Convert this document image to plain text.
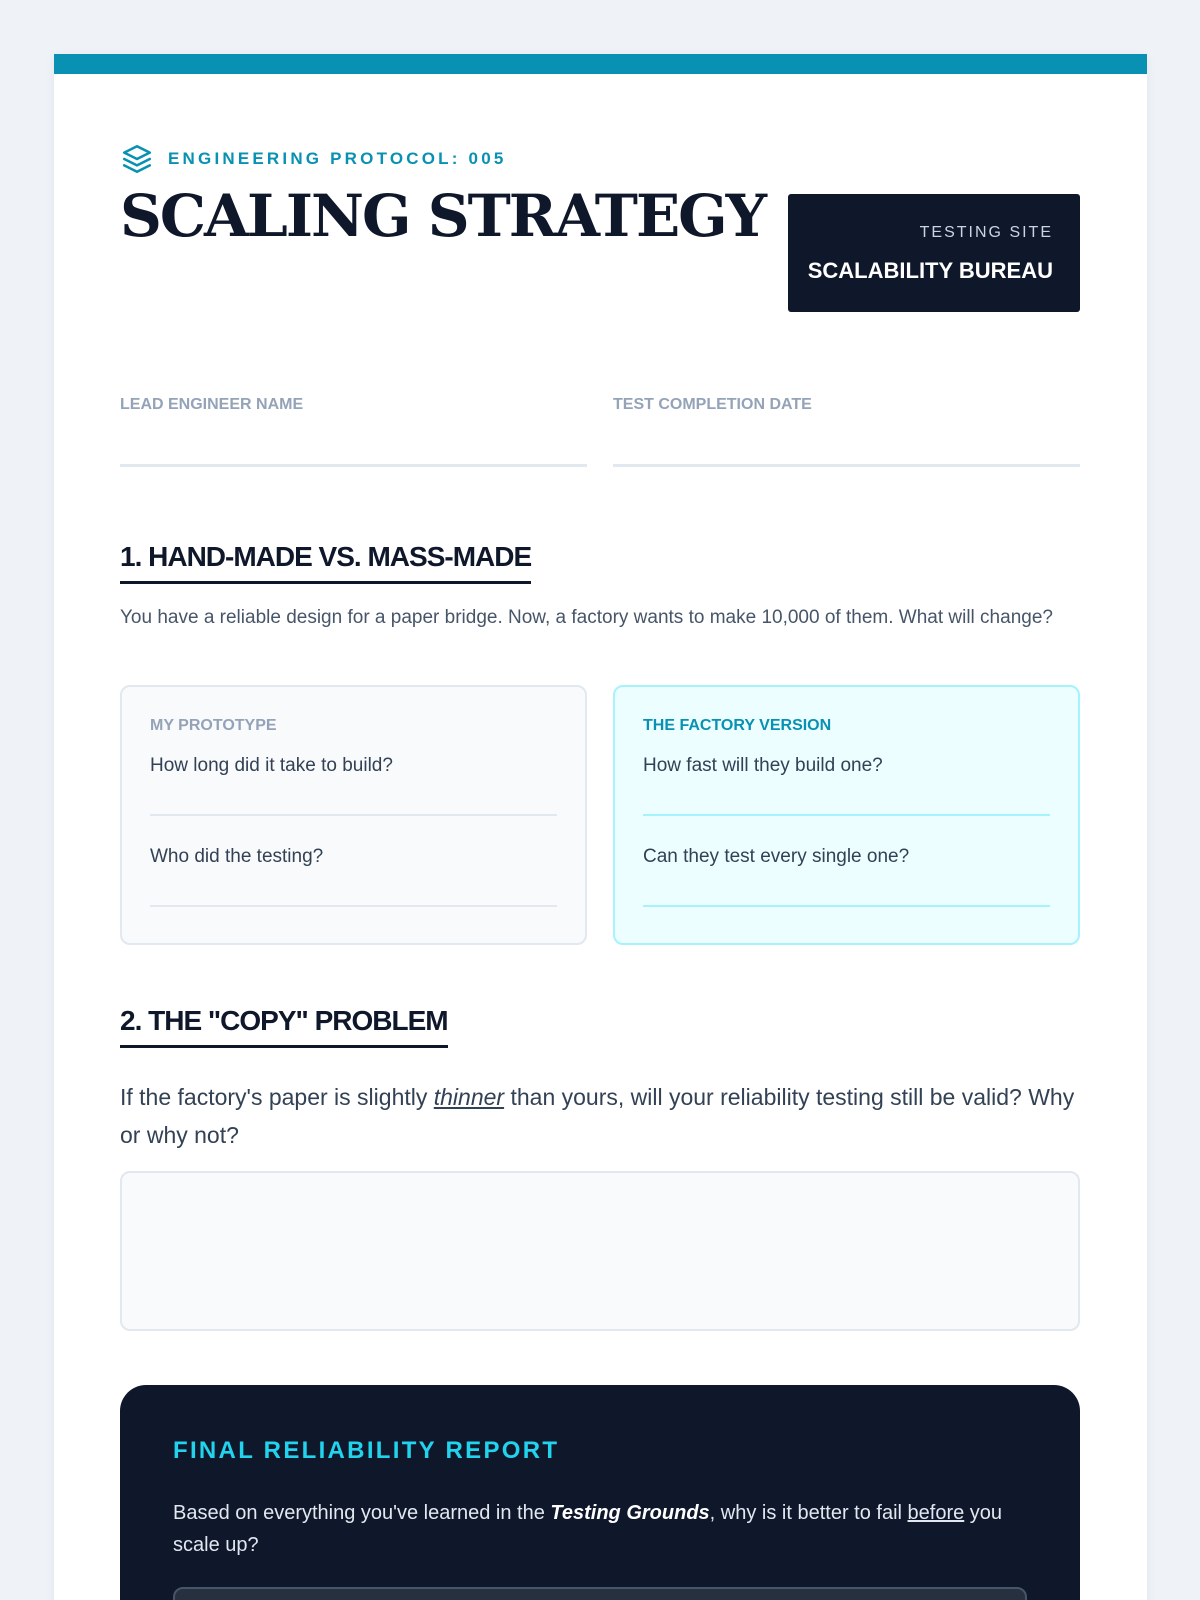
ENGINEERING PROTOCOL: 005
SCALING STRATEGY	TESTING SITE
SCALABILITY BUREAU
LEAD ENGINEER NAME	TEST COMPLETION DATE
1. HAND-MADE VS. MASS-MADE
You have a reliable design for a paper bridge. Now, a factory wants to make 10,000 of them. What will change?
MY PROTOTYPE
How long did it take to build?
Who did the testing?
THE FACTORY VERSION
How fast will they build one?
Can they test every single one?
2. THE "COPY" PROBLEM
If the factory's paper is slightly thinner than yours, will your reliability testing still be valid? Why or why not?
FINAL RELIABILITY REPORT
Based on everything you've learned in the Testing Grounds, why is it better to fail before you scale up?
